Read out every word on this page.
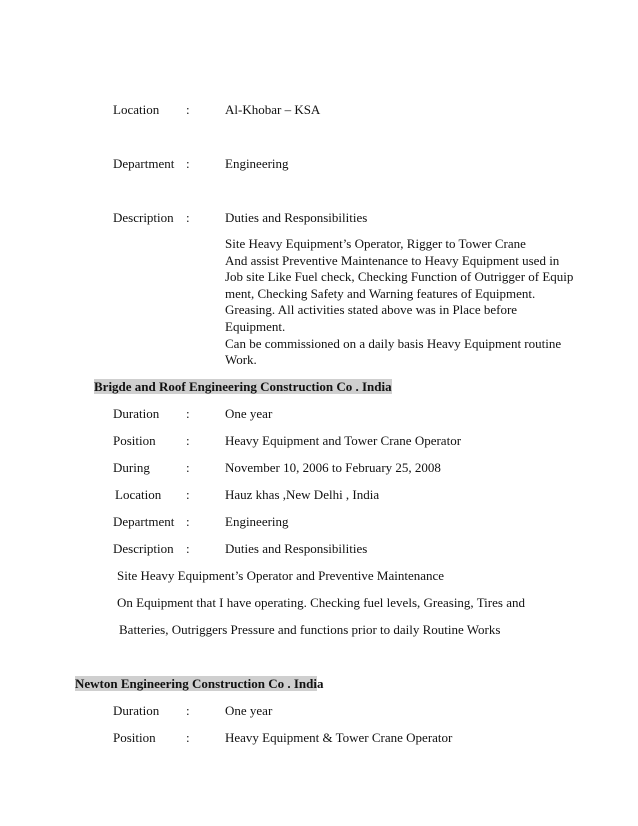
Location :	Al-Khobar – KSA
Department :	Engineering
Description :	Duties and Responsibilities
Site Heavy Equipment’s Operator, Rigger to Tower Crane
And assist Preventive Maintenance to Heavy Equipment used in
Job site Like Fuel check, Checking Function of Outrigger of Equip
ment, Checking Safety and Warning features of Equipment.
Greasing. All activities stated above was in Place before
Equipment.
Can be commissioned on a daily basis Heavy Equipment routine
Work.
Brigde and Roof Engineering Construction Co . India
Duration :	One year
Position :	Heavy Equipment and Tower Crane Operator
During	:	November 10, 2006 to February 25, 2008
Location :	Hauz khas ,New Delhi , India
Department :	Engineering
Description :	Duties and Responsibilities
Site Heavy Equipment’s Operator and Preventive Maintenance
On Equipment that I have operating. Checking fuel levels, Greasing, Tires and
Batteries, Outriggers Pressure and functions prior to daily Routine Works
Newton Engineering Construction Co . India
Duration :	One year
Position :	Heavy Equipment & Tower Crane Operator
